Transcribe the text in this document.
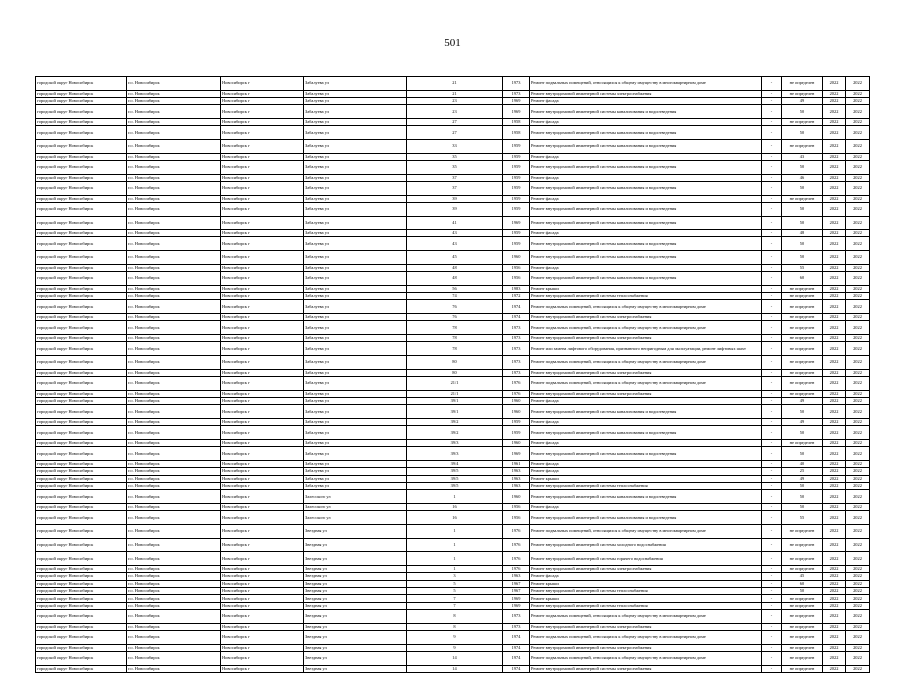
501
городской округ Новосибирск	г.о. Новосибирск	Новосибирск г	Забалуева ул	21	1973	Ремонт подвальных помещений, относящихся к общему имуществу в многоквартирном доме	-	не определен	2022	2022
городской округ Новосибирск	г.о. Новосибирск	Новосибирск г	Забалуева ул	21	1973	Ремонт внутридомовой инженерной системы электроснабжения	-	не определен	2022	2022
городской округ Новосибирск	г.о. Новосибирск	Новосибирск г	Забалуева ул	23	1969	Ремонт фасада	-	49	2022	2022
городской округ Новосибирск	г.о. Новосибирск	Новосибирск г	Забалуева ул	23	1969	Ремонт внутридомовой инженерной системы канализования и водоотведения	-	50	2022	2022
городской округ Новосибирск	г.о. Новосибирск	Новосибирск г	Забалуева ул	27	1958	Ремонт фасада	-	не определен	2022	2022
городской округ Новосибирск	г.о. Новосибирск	Новосибирск г	Забалуева ул	27	1958	Ремонт внутридомовой инженерной системы канализования и водоотведения	-	50	2022	2022
городской округ Новосибирск	г.о. Новосибирск	Новосибирск г	Забалуева ул	33	1959	Ремонт внутридомовой инженерной системы канализования и водоотведения	-	не определен	2022	2022
городской округ Новосибирск	г.о. Новосибирск	Новосибирск г	Забалуева ул	35	1959	Ремонт фасада	-	43	2022	2022
городской округ Новосибирск	г.о. Новосибирск	Новосибирск г	Забалуева ул	35	1959	Ремонт внутридомовой инженерной системы канализования и водоотведения	-	50	2022	2022
городской округ Новосибирск	г.о. Новосибирск	Новосибирск г	Забалуева ул	37	1959	Ремонт фасада	-	46	2022	2022
городской округ Новосибирск	г.о. Новосибирск	Новосибирск г	Забалуева ул	37	1959	Ремонт внутридомовой инженерной системы канализования и водоотведения	-	50	2022	2022
городской округ Новосибирск	г.о. Новосибирск	Новосибирск г	Забалуева ул	39	1959	Ремонт фасада	-	не определен	2022	2022
городской округ Новосибирск	г.о. Новосибирск	Новосибирск г	Забалуева ул	39	1959	Ремонт внутридомовой инженерной системы канализования и водоотведения	-	50	2022	2022
городской округ Новосибирск	г.о. Новосибирск	Новосибирск г	Забалуева ул	41	1969	Ремонт внутридомовой инженерной системы канализования и водоотведения	-	50	2022	2022
городской округ Новосибирск	г.о. Новосибирск	Новосибирск г	Забалуева ул	43	1959	Ремонт фасада	-	48	2022	2022
городской округ Новосибирск	г.о. Новосибирск	Новосибирск г	Забалуева ул	43	1959	Ремонт внутридомовой инженерной системы канализования и водоотведения	-	50	2022	2022
городской округ Новосибирск	г.о. Новосибирск	Новосибирск г	Забалуева ул	45	1960	Ремонт внутридомовой инженерной системы канализования и водоотведения	-	50	2022	2022
городской округ Новосибирск	г.о. Новосибирск	Новосибирск г	Забалуева ул	48	1956	Ремонт фасада	-	55	2022	2022
городской округ Новосибирск	г.о. Новосибирск	Новосибирск г	Забалуева ул	48	1956	Ремонт внутридомовой инженерной системы канализования и водоотведения	-	60	2022	2022
городской округ Новосибирск	г.о. Новосибирск	Новосибирск г	Забалуева ул	56	1983	Ремонт крыши	-	не определен	2022	2022
городской округ Новосибирск	г.о. Новосибирск	Новосибирск г	Забалуева ул	74	1972	Ремонт внутридомовой инженерной системы теплоснабжения	-	не определен	2022	2022
городской округ Новосибирск	г.о. Новосибирск	Новосибирск г	Забалуева ул	76	1974	Ремонт подвальных помещений, относящихся к общему имуществу в многоквартирном доме	-	не определен	2022	2022
городской округ Новосибирск	г.о. Новосибирск	Новосибирск г	Забалуева ул	76	1974	Ремонт внутридомовой инженерной системы электроснабжения	-	не определен	2022	2022
городской округ Новосибирск	г.о. Новосибирск	Новосибирск г	Забалуева ул	78	1973	Ремонт подвальных помещений, относящихся к общему имуществу в многоквартирном доме	-	не определен	2022	2022
городской округ Новосибирск	г.о. Новосибирск	Новосибирск г	Забалуева ул	78	1973	Ремонт внутридомовой инженерной системы электроснабжения	-	не определен	2022	2022
городской округ Новосибирск	г.о. Новосибирск	Новосибирск г	Забалуева ул	78	1973	Ремонт или замена лифтового оборудования, признанного непригодным для эксплуатации, ремонт лифтовых шахт	-	не определен	2022	2022
городской округ Новосибирск	г.о. Новосибирск	Новосибирск г	Забалуева ул	80	1973	Ремонт подвальных помещений, относящихся к общему имуществу в многоквартирном доме	-	не определен	2022	2022
городской округ Новосибирск	г.о. Новосибирск	Новосибирск г	Забалуева ул	80	1973	Ремонт внутридомовой инженерной системы электроснабжения	-	не определен	2022	2022
городской округ Новосибирск	г.о. Новосибирск	Новосибирск г	Забалуева ул	21/1	1976	Ремонт подвальных помещений, относящихся к общему имуществу в многоквартирном доме	-	не определен	2022	2022
городской округ Новосибирск	г.о. Новосибирск	Новосибирск г	Забалуева ул	21/1	1976	Ремонт внутридомовой инженерной системы электроснабжения	-	не определен	2022	2022
городской округ Новосибирск	г.о. Новосибирск	Новосибирск г	Забалуева ул	39/1	1960	Ремонт фасада	-	49	2022	2022
городской округ Новосибирск	г.о. Новосибирск	Новосибирск г	Забалуева ул	39/1	1960	Ремонт внутридомовой инженерной системы канализования и водоотведения	-	50	2022	2022
городской округ Новосибирск	г.о. Новосибирск	Новосибирск г	Забалуева ул	39/2	1959	Ремонт фасада	-	49	2022	2022
городской округ Новосибирск	г.о. Новосибирск	Новосибирск г	Забалуева ул	39/2	1959	Ремонт внутридомовой инженерной системы канализования и водоотведения	-	50	2022	2022
городской округ Новосибирск	г.о. Новосибирск	Новосибирск г	Забалуева ул	39/3	1960	Ремонт фасада	-	не определен	2022	2022
городской округ Новосибирск	г.о. Новосибирск	Новосибирск г	Забалуева ул	39/3	1969	Ремонт внутридомовой инженерной системы канализования и водоотведения	-	50	2022	2022
городской округ Новосибирск	г.о. Новосибирск	Новосибирск г	Забалуева ул	39/4	1961	Ремонт фасада	-	40	2022	2022
городской округ Новосибирск	г.о. Новосибирск	Новосибирск г	Забалуева ул	39/5	1963	Ремонт фасада	-	25	2022	2022
городской округ Новосибирск	г.о. Новосибирск	Новосибирск г	Забалуева ул	39/5	1963	Ремонт крыши	-	49	2022	2022
городской округ Новосибирск	г.о. Новосибирск	Новосибирск г	Забалуева ул	39/5	1963	Ремонт внутридомовой инженерной системы теплоснабжения	-	50	2022	2022
городской округ Новосибирск	г.о. Новосибирск	Новосибирск г	Залесского ул	1	1960	Ремонт внутридомовой инженерной системы канализования и водоотведения	-	50	2022	2022
городской округ Новосибирск	г.о. Новосибирск	Новосибирск г	Залесского ул	16	1956	Ремонт фасада	-	50	2022	2022
городской округ Новосибирск	г.о. Новосибирск	Новосибирск г	Залесского ул	16	1956	Ремонт внутридомовой инженерной системы канализования и водоотведения	-	55	2022	2022
городской округ Новосибирск	г.о. Новосибирск	Новосибирск г	Звездная ул	1	1976	Ремонт подвальных помещений, относящихся к общему имуществу в многоквартирном доме	-	не определен	2022	2022
городской округ Новосибирск	г.о. Новосибирск	Новосибирск г	Звездная ул	1	1976	Ремонт внутридомовой инженерной системы холодного водоснабжения	-	не определен	2022	2022
городской округ Новосибирск	г.о. Новосибирск	Новосибирск г	Звездная ул	1	1976	Ремонт внутридомовой инженерной системы горячего водоснабжения	-	не определен	2022	2022
городской округ Новосибирск	г.о. Новосибирск	Новосибирск г	Звездная ул	1	1976	Ремонт внутридомовой инженерной системы электроснабжения	-	не определен	2022	2022
городской округ Новосибирск	г.о. Новосибирск	Новосибирск г	Звездная ул	3	1963	Ремонт фасада	-	45	2022	2022
городской округ Новосибирск	г.о. Новосибирск	Новосибирск г	Звездная ул	5	1967	Ремонт крыши	-	60	2022	2022
городской округ Новосибирск	г.о. Новосибирск	Новосибирск г	Звездная ул	5	1967	Ремонт внутридомовой инженерной системы теплоснабжения	-	50	2022	2022
городской округ Новосибирск	г.о. Новосибирск	Новосибирск г	Звездная ул	7	1969	Ремонт крыши	-	не определен	2022	2022
городской округ Новосибирск	г.о. Новосибирск	Новосибирск г	Звездная ул	7	1969	Ремонт внутридомовой инженерной системы теплоснабжения	-	не определен	2022	2022
городской округ Новосибирск	г.о. Новосибирск	Новосибирск г	Звездная ул	8	1973	Ремонт подвальных помещений, относящихся к общему имуществу в многоквартирном доме	-	не определен	2022	2022
городской округ Новосибирск	г.о. Новосибирск	Новосибирск г	Звездная ул	8	1973	Ремонт внутридомовой инженерной системы электроснабжения	-	не определен	2022	2022
городской округ Новосибирск	г.о. Новосибирск	Новосибирск г	Звездная ул	9	1974	Ремонт подвальных помещений, относящихся к общему имуществу в многоквартирном доме	-	не определен	2022	2022
городской округ Новосибирск	г.о. Новосибирск	Новосибирск г	Звездная ул	9	1974	Ремонт внутридомовой инженерной системы электроснабжения	-	не определен	2022	2022
городской округ Новосибирск	г.о. Новосибирск	Новосибирск г	Звездная ул	14	1974	Ремонт подвальных помещений, относящихся к общему имуществу в многоквартирном доме	-	не определен	2022	2022
городской округ Новосибирск	г.о. Новосибирск	Новосибирск г	Звездная ул	14	1974	Ремонт внутридомовой инженерной системы электроснабжения	-	не определен	2022	2022
